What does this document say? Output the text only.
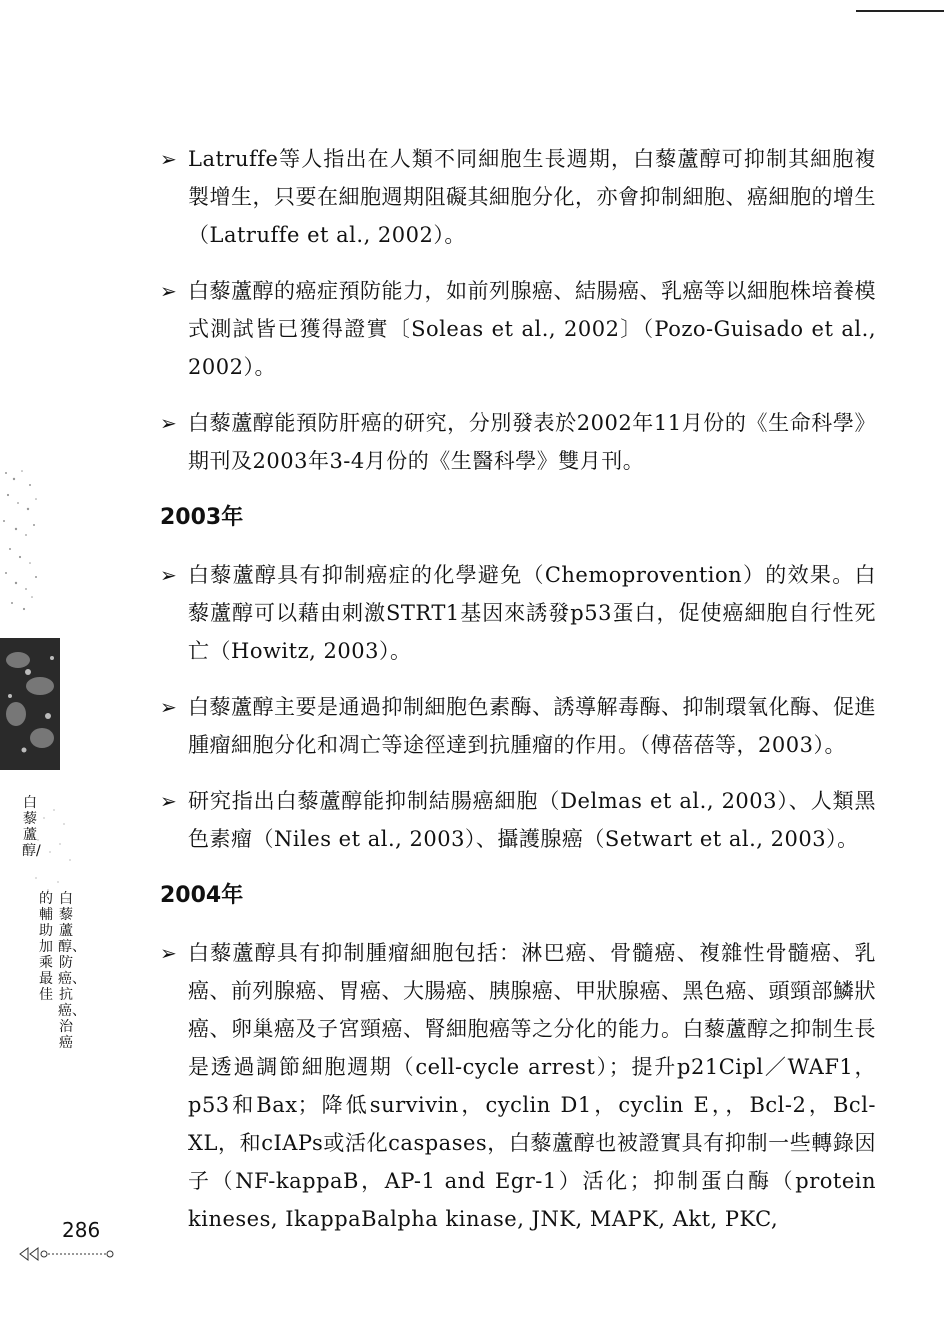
白藜蘆醇/
的輔助加乘最佳
白藜蘆醇、防癌、抗癌、治癌
➢ Latruffe等人指出在人類不同細胞生長週期，白藜蘆醇可抑制其細胞複製增生，只要在細胞週期阻礙其細胞分化，亦會抑制細胞、癌細胞的增生（Latruffe et al., 2002）。
➢ 白藜蘆醇的癌症預防能力，如前列腺癌、結腸癌、乳癌等以細胞株培養模式測試皆已獲得證實〔Soleas et al., 2002〕（Pozo-Guisado et al., 2002）。
➢ 白藜蘆醇能預防肝癌的研究，分別發表於2002年11月份的《生命科學》期刊及2003年3-4月份的《生醫科學》雙月刊。
2003年
➢ 白藜蘆醇具有抑制癌症的化學避免（Chemoprovention）的效果。白藜蘆醇可以藉由刺激STRT1基因來誘發p53蛋白，促使癌細胞自行性死亡（Howitz, 2003）。
➢ 白藜蘆醇主要是通過抑制細胞色素酶、誘導解毒酶、抑制環氧化酶、促進腫瘤細胞分化和凋亡等途徑達到抗腫瘤的作用。（傅蓓蓓等，2003）。
➢ 研究指出白藜蘆醇能抑制結腸癌細胞（Delmas et al., 2003）、人類黑色素瘤（Niles et al., 2003）、攝護腺癌（Setwart et al., 2003）。
2004年
➢ 白藜蘆醇具有抑制腫瘤細胞包括：淋巴癌、骨髓癌、複雜性骨髓癌、乳癌、前列腺癌、胃癌、大腸癌、胰腺癌、甲狀腺癌、黑色癌、頭頸部鱗狀癌、卵巢癌及子宮頸癌、腎細胞癌等之分化的能力。白藜蘆醇之抑制生長是透過調節細胞週期（cell-cycle arrest）；提升p21Cipl／WAF1，p53和Bax；降低survivin，cyclin D1，cyclin E，，Bcl-2，Bcl-XL，和cIAPs或活化caspases，白藜蘆醇也被證實具有抑制一些轉錄因子（NF-kappaB，AP-1 and Egr-1）活化；抑制蛋白酶（protein kineses, IkappaBalpha kinase, JNK, MAPK, Akt, PKC,
286
